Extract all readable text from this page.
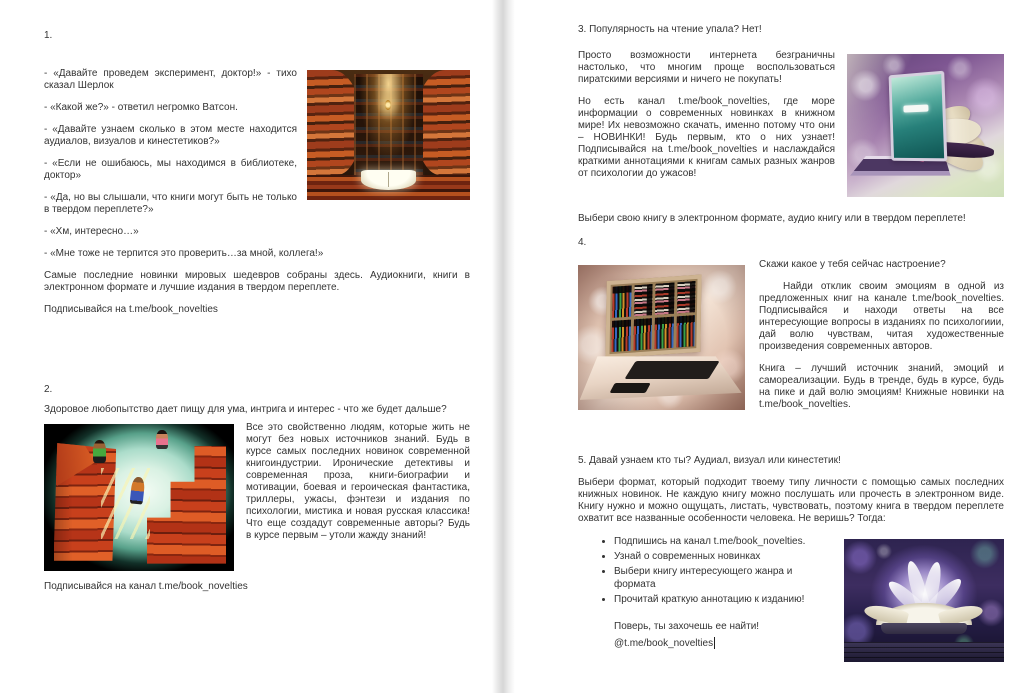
1.

- «Давайте проведем эксперимент, доктор!» - тихо сказал Шерлок

- «Какой же?» - ответил негромко Ватсон.

- «Давайте узнаем сколько в этом месте находится аудиалов, визуалов и кинестетиков?»

- «Если не ошибаюсь, мы находимся в библиотеке, доктор»

- «Да, но вы слышали, что книги могут быть не только в твердом переплете?»

- «Хм, интересно…»

- «Мне тоже не терпится это проверить…за мной, коллега!»

Самые последние новинки мировых шедевров собраны здесь. Аудиокниги, книги в электронном формате и лучшие издания в твердом переплете.

Подписывайся на t.me/book_novelties

2.

Здоровое любопытство дает пищу для ума, интрига и интерес - что же будет дальше?

Все это свойственно людям, которые жить не могут без новых источников знаний. Будь в курсе самых последних новинок современной книгоиндустрии. Иронические детективы и современная проза, книги-биографии и мотивации, боевая и героическая фантастика, триллеры, ужасы, фэнтези и издания по психологии, мистика и новая русская классика! Что еще создадут современные авторы? Будь в курсе первым – утоли жажду знаний!

Подписывайся на канал t.me/book_novelties

3. Популярность на чтение упала? Нет!

Просто возможности интернета безграничны настолько, что многим проще воспользоваться пиратскими версиями и ничего не покупать!

Но есть канал t.me/book_novelties, где море информации о современных новинках в книжном мире! Их невозможно скачать, именно потому что они – НОВИНКИ! Будь первым, кто о них узнает! Подписывайся на t.me/book_novelties и наслаждайся краткими аннотациями к книгам самых разных жанров от психологии до ужасов!

Выбери свою книгу в электронном формате, аудио книгу или в твердом переплете!

4.

Скажи какое у тебя сейчас настроение?

Найди отклик своим эмоциям в одной из предложенных книг на канале t.me/book_novelties. Подписывайся и находи ответы на все интересующие вопросы в изданиях по психологиии, дай волю чувствам, читая художественные произведения современных авторов.

Книга – лучший источник знаний, эмоций и самореализации. Будь в тренде, будь в курсе, будь на пике и дай волю эмоциям! Книжные новинки на t.me/book_novelties.

5. Давай узнаем кто ты? Аудиал, визуал или кинестетик!

Выбери формат, который подходит твоему типу личности с помощью самых последних книжных новинок. Не каждую книгу можно послушать или прочесть в электронном виде. Книгу нужно и можно ощущать, листать, чувствовать, поэтому книга в твердом переплете охватит все названные особенности человека. Не веришь? Тогда:

• Подпишись на канал t.me/book_novelties.
• Узнай о современных новинках
• Выбери книгу интересующего жанра и формата
• Прочитай краткую аннотацию к изданию!

Поверь, ты захочешь ее найти!

@t.me/book_novelties
